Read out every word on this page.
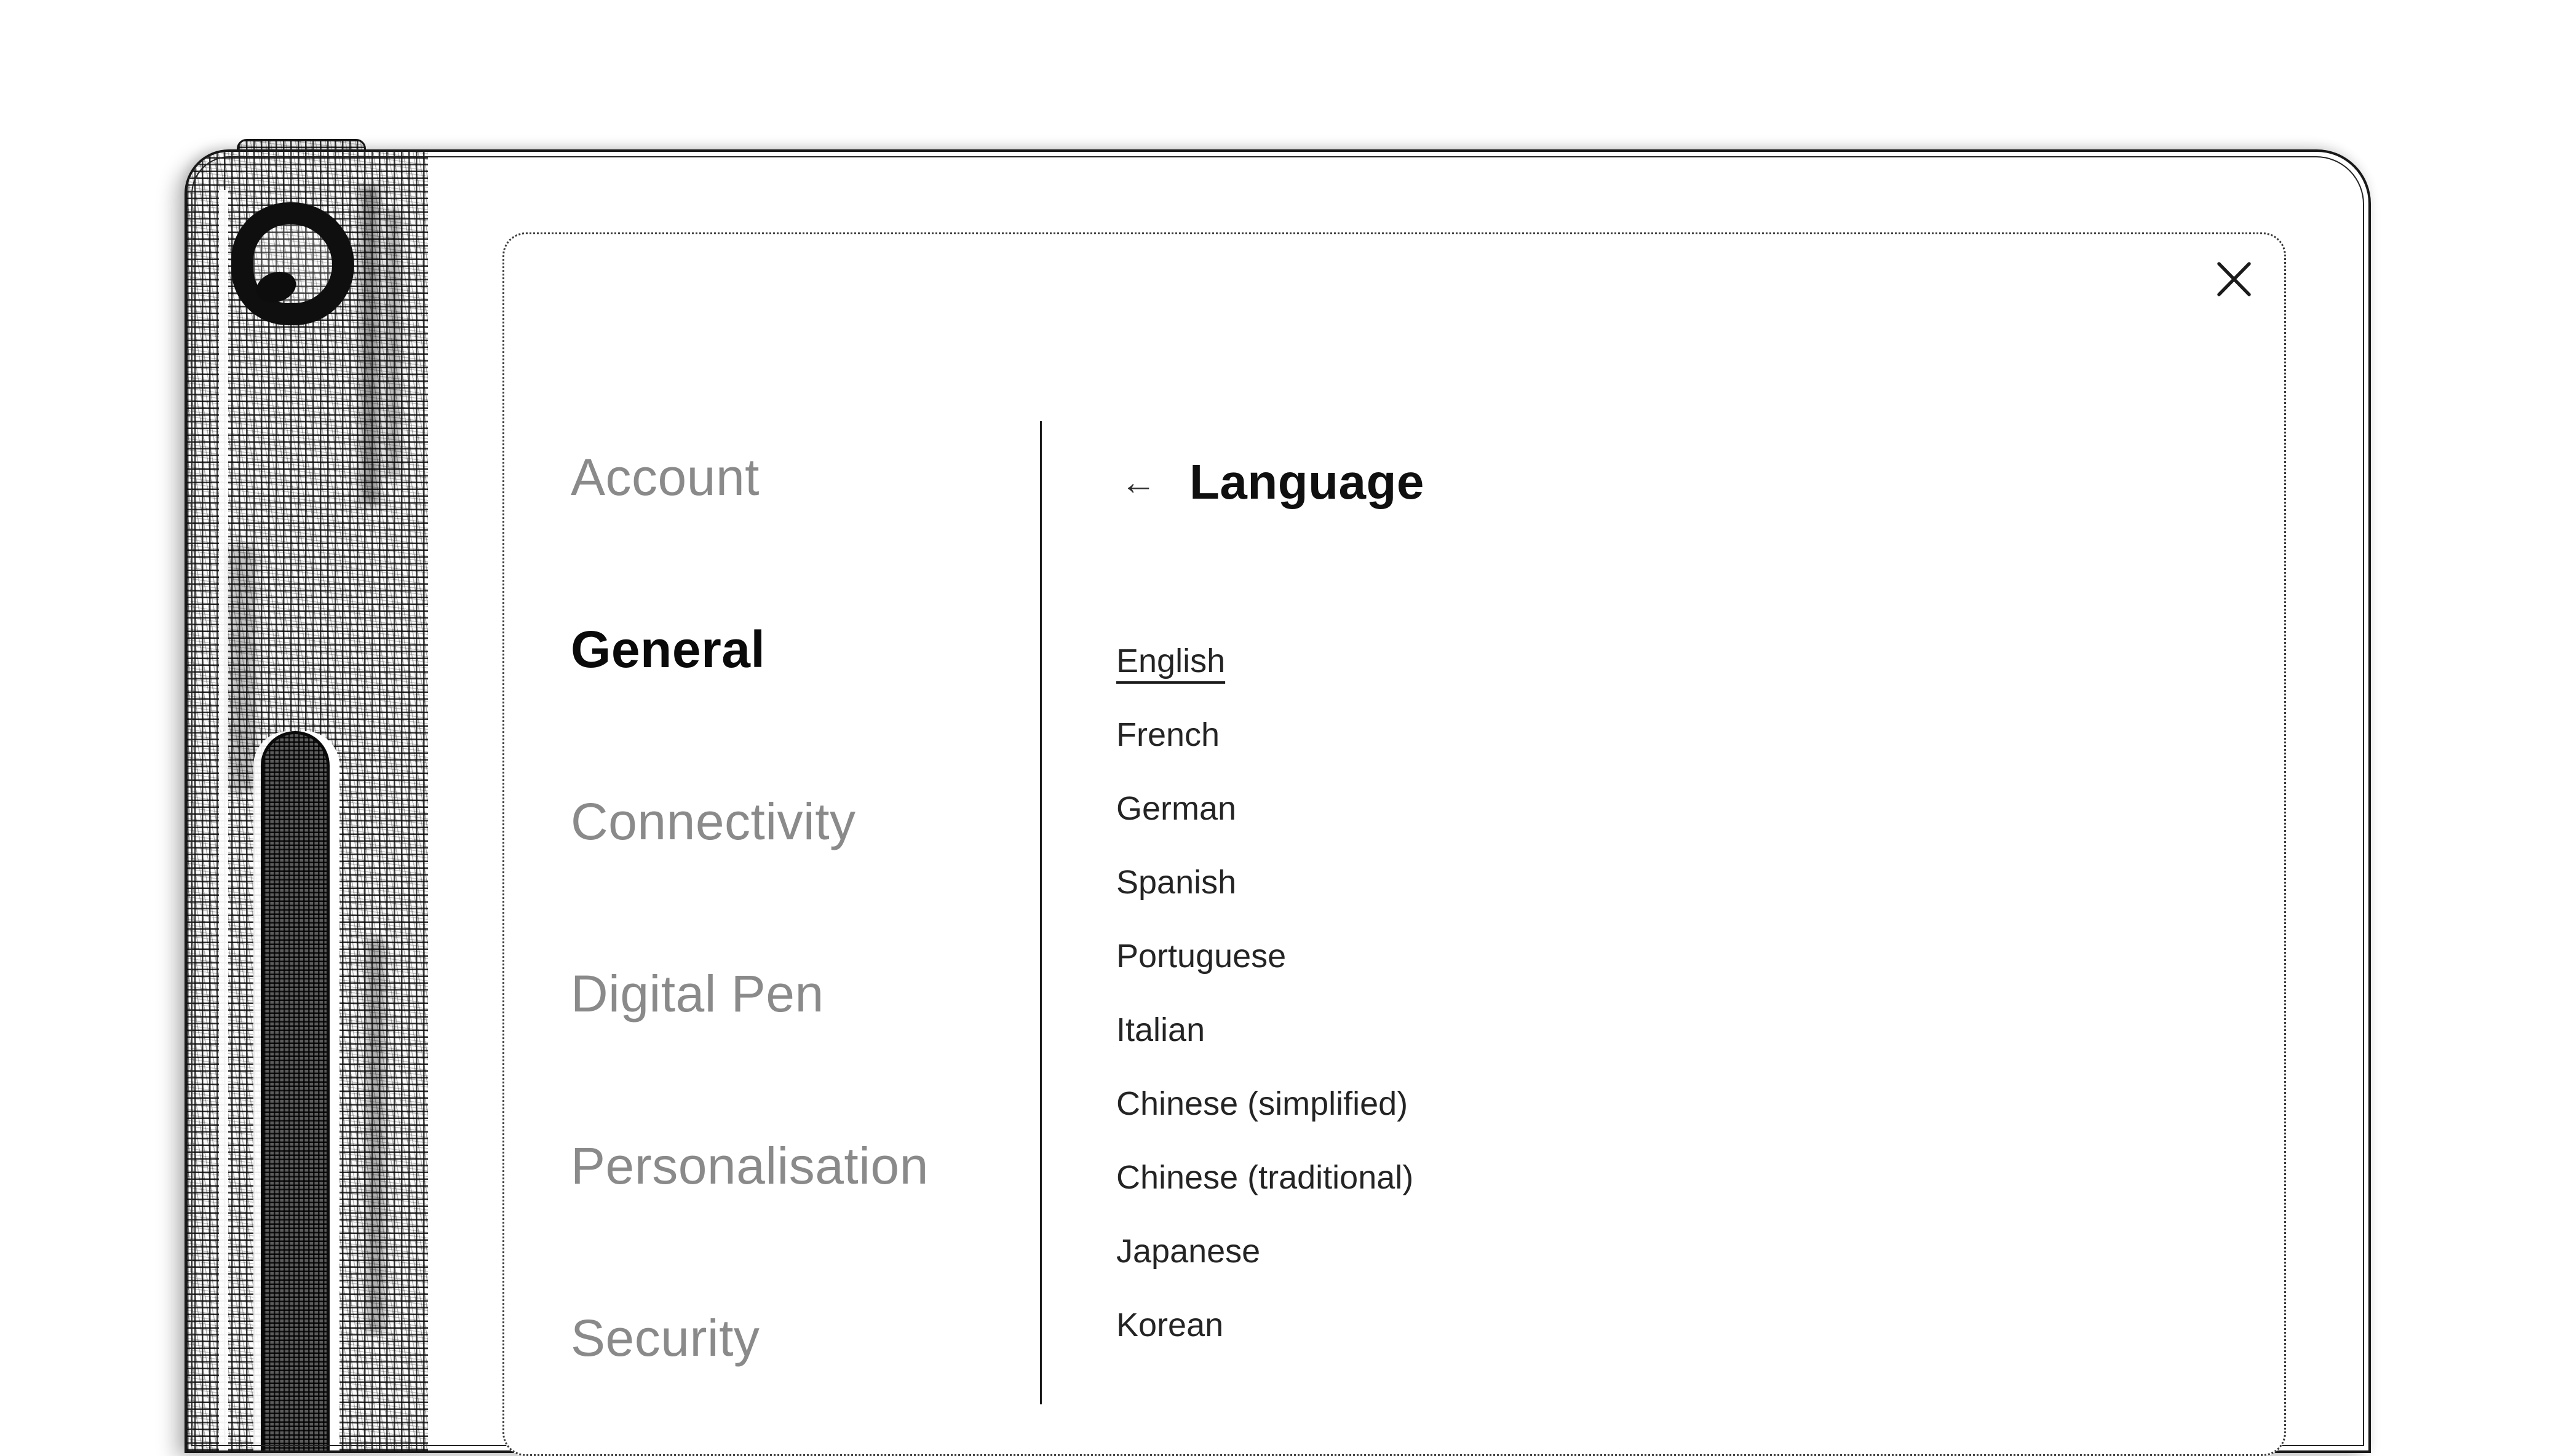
Account
General
Connectivity
Digital Pen
Personalisation
Security
← Language
English
French
German
Spanish
Portuguese
Italian
Chinese (simplified)
Chinese (traditional)
Japanese
Korean
